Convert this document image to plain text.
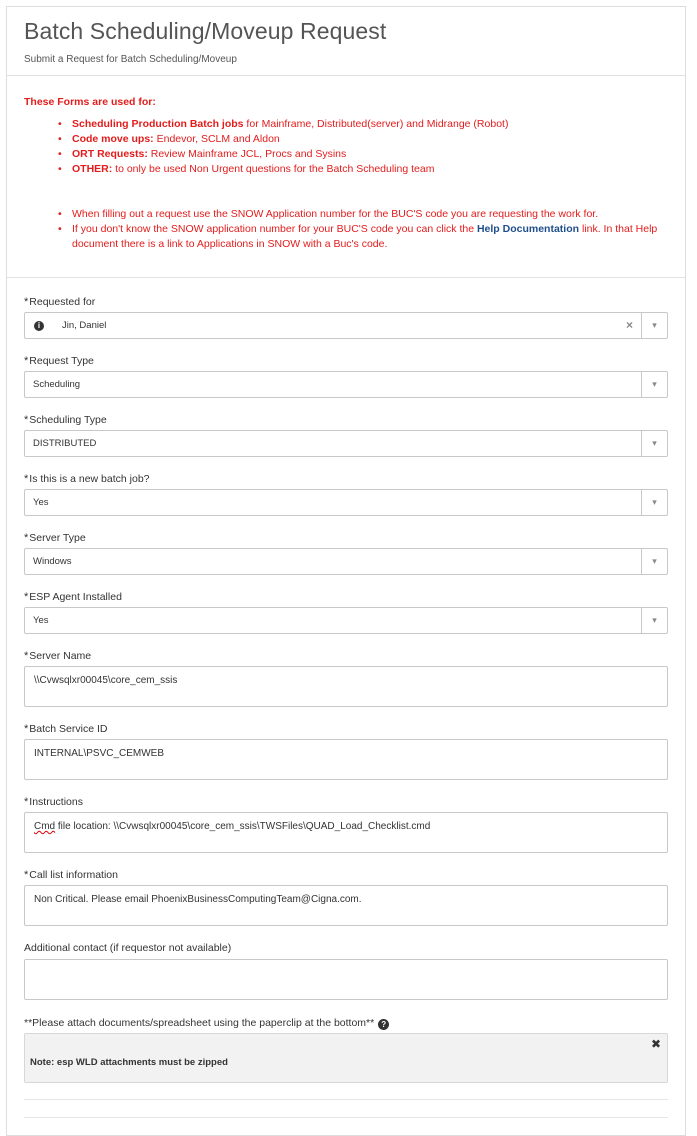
Batch Scheduling/Moveup Request
Submit a Request for Batch Scheduling/Moveup
These Forms are used for:
• Scheduling Production Batch jobs for Mainframe, Distributed(server) and Midrange (Robot)
• Code move ups: Endevor, SCLM and Aldon
• ORT Requests: Review Mainframe JCL, Procs and Sysins
• OTHER: to only be used Non Urgent questions for the Batch Scheduling team
• When filling out a request use the SNOW Application number for the BUC'S code you are requesting the work for.
• If you don't know the SNOW application number for your BUC'S code you can click the Help Documentation link. In that Help document there is a link to Applications in SNOW with a Buc's code.
*Requested for
i	Jin, Daniel	×	▾
*Request Type
Scheduling	▾
*Scheduling Type
DISTRIBUTED	▾
*Is this is a new batch job?
Yes	▾
*Server Type
Windows	▾
*ESP Agent Installed
Yes	▾
*Server Name
\\Cvwsqlxr00045\core_cem_ssis
*Batch Service ID
INTERNAL\PSVC_CEMWEB
*Instructions
Cmd file location: \\Cvwsqlxr00045\core_cem_ssis\TWSFiles\QUAD_Load_Checklist.cmd
*Call list information
Non Critical. Please email PhoenixBusinessComputingTeam@Cigna.com.
Additional contact (if requestor not available)
**Please attach documents/spreadsheet using the paperclip at the bottom** ?
✖
Note: esp WLD attachments must be zipped
